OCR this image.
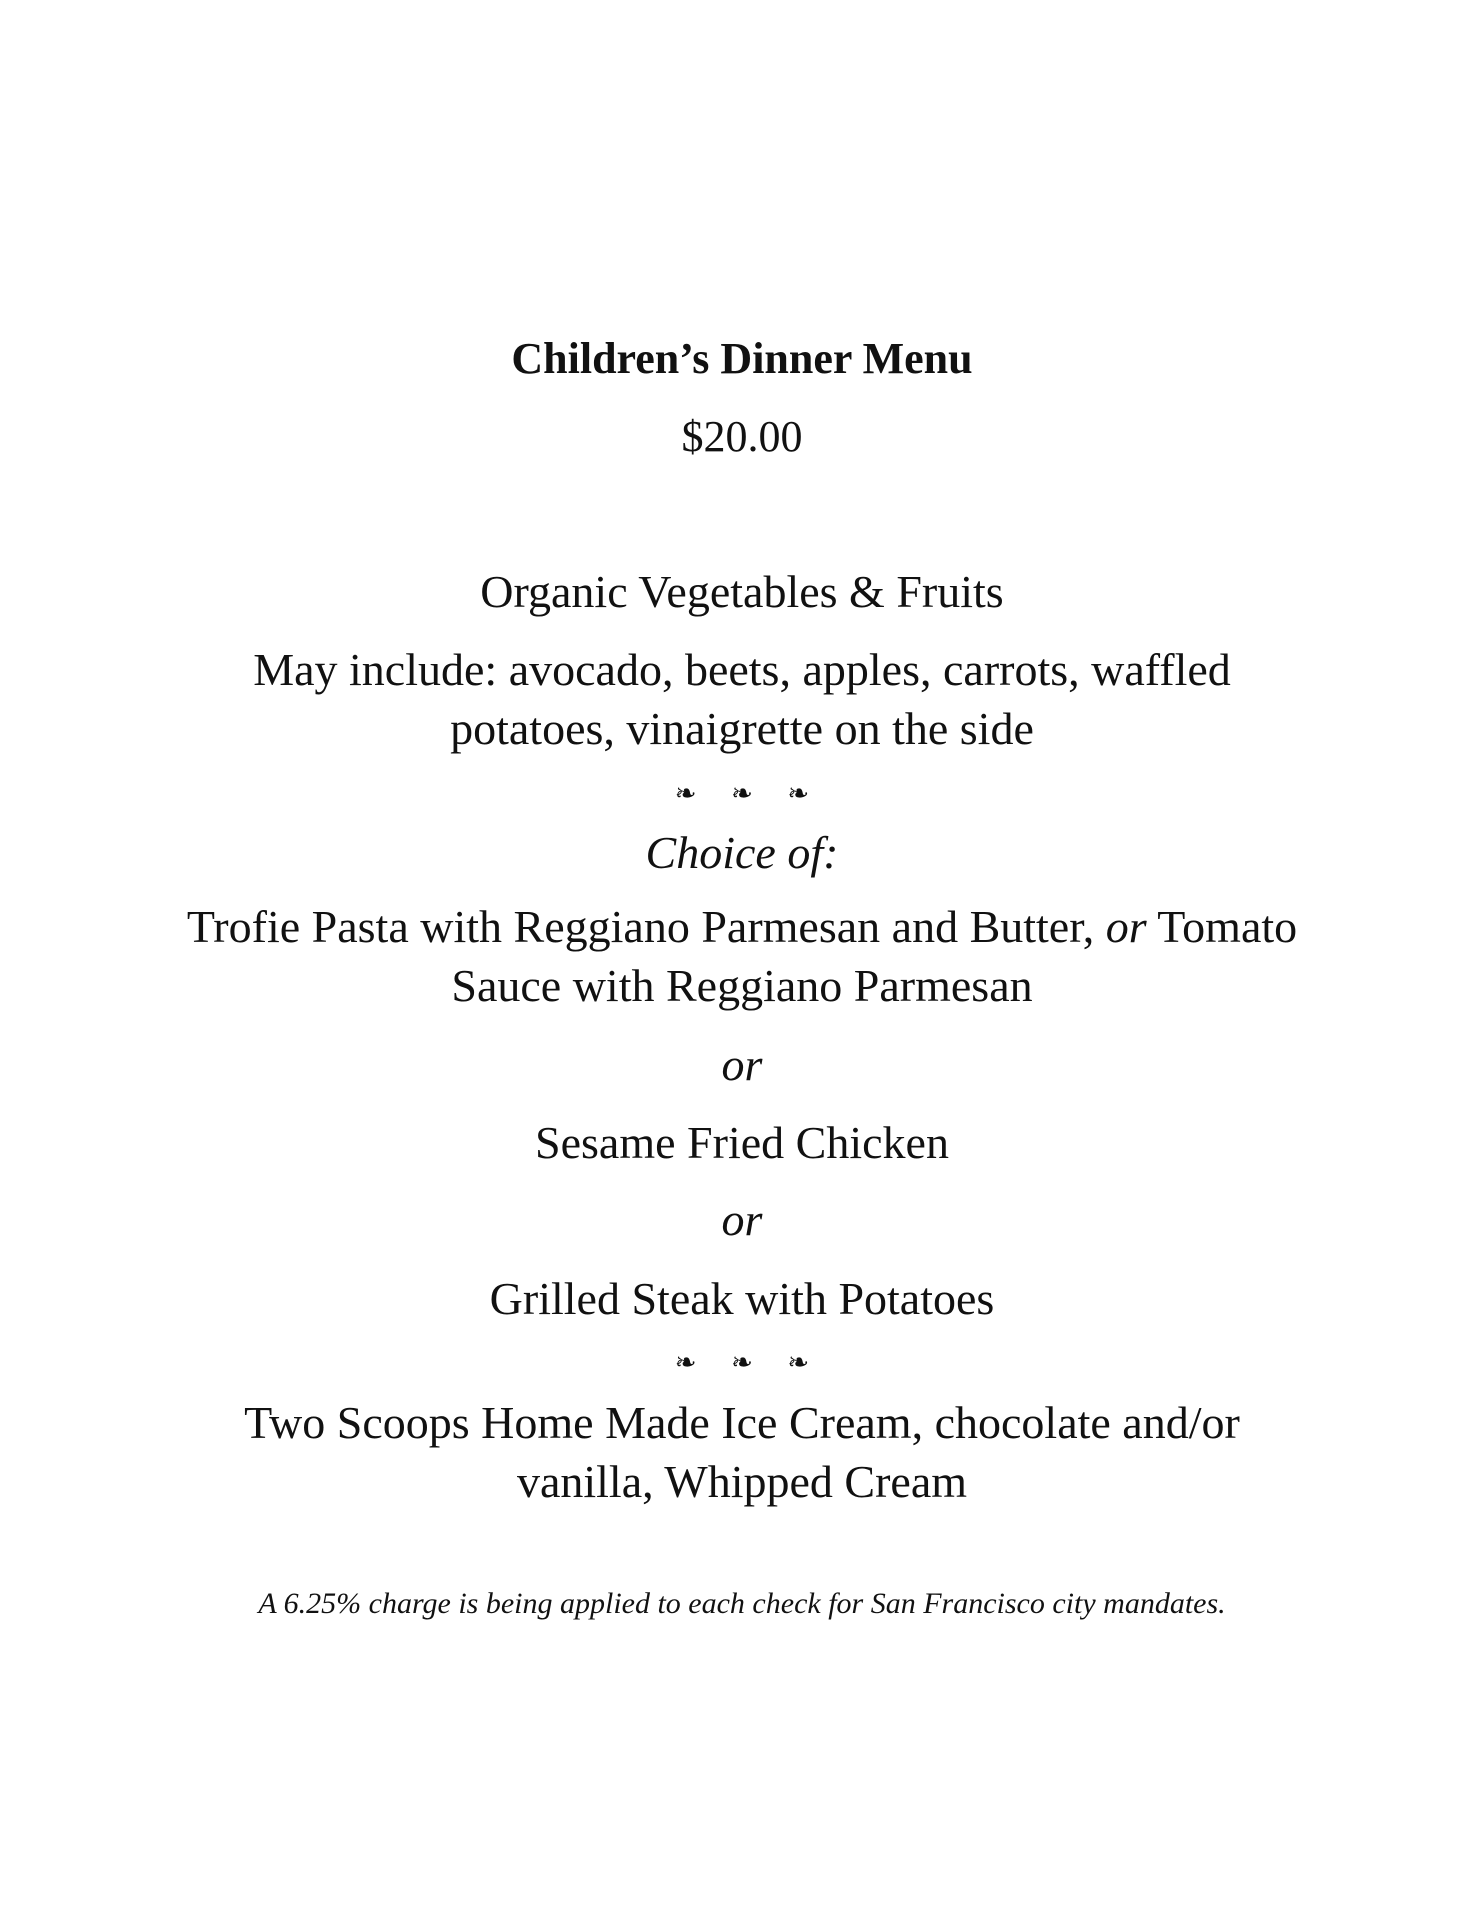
Children’s Dinner Menu
$20.00
Organic Vegetables & Fruits
May include: avocado, beets, apples, carrots, waffled
potatoes, vinaigrette on the side
❧ ❧ ❧
Choice of:
Trofie Pasta with Reggiano Parmesan and Butter, or Tomato
Sauce with Reggiano Parmesan
or
Sesame Fried Chicken
or
Grilled Steak with Potatoes
❧ ❧ ❧
Two Scoops Home Made Ice Cream, chocolate and/or
vanilla, Whipped Cream
A 6.25% charge is being applied to each check for San Francisco city mandates.
